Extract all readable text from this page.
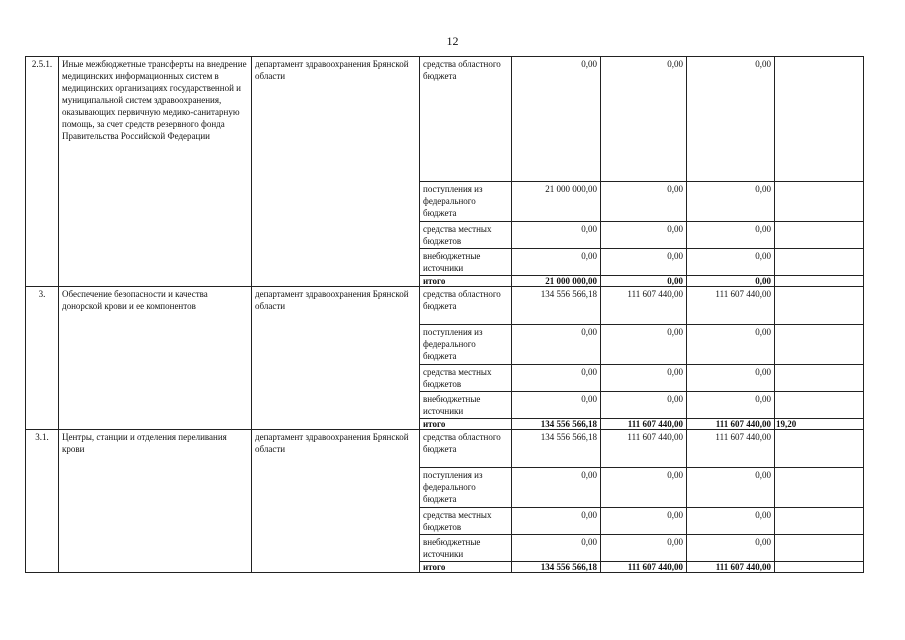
12
2.5.1.	Иные межбюджетные трансферты на внедрение медицинских информационных систем в медицинских организациях государственной и муниципальной систем здравоохранения, оказывающих первичную медико-санитарную помощь, за счет средств резервного фонда Правительства Российской Федерации	департамент здравоохранения Брянской области	средства областного бюджета	0,00	0,00	0,00	
			поступления из федерального бюджета	21 000 000,00	0,00	0,00	
			средства местных бюджетов	0,00	0,00	0,00	
			внебюджетные источники	0,00	0,00	0,00	
			итого	21 000 000,00	0,00	0,00	
3.	Обеспечение безопасности и качества донорской крови и ее компонентов	департамент здравоохранения Брянской области	средства областного бюджета	134 556 566,18	111 607 440,00	111 607 440,00	
			поступления из федерального бюджета	0,00	0,00	0,00	
			средства местных бюджетов	0,00	0,00	0,00	
			внебюджетные источники	0,00	0,00	0,00	
			итого	134 556 566,18	111 607 440,00	111 607 440,00	19,20
3.1.	Центры, станции и отделения переливания крови	департамент здравоохранения Брянской области	средства областного бюджета	134 556 566,18	111 607 440,00	111 607 440,00	
			поступления из федерального бюджета	0,00	0,00	0,00	
			средства местных бюджетов	0,00	0,00	0,00	
			внебюджетные источники	0,00	0,00	0,00	
			итого	134 556 566,18	111 607 440,00	111 607 440,00	
